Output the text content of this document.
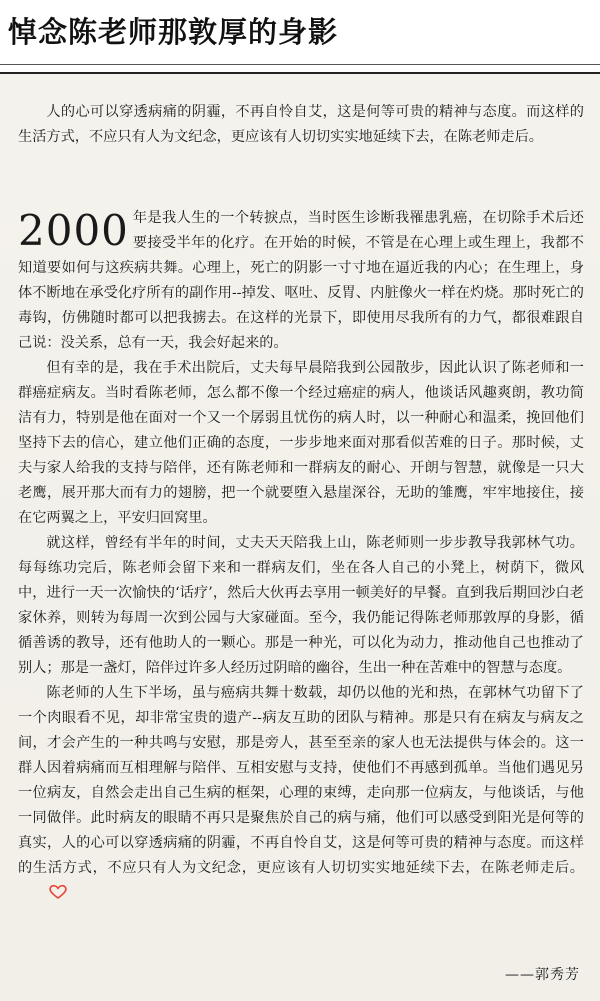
悼念陈老师那敦厚的身影

人的心可以穿透病痛的阴霾，不再自怜自艾，这是何等可贵的精神与态度。而这样的生活方式，不应只有人为文纪念，更应该有人切切实实地延续下去，在陈老师走后。

2000 年是我人生的一个转捩点，当时医生诊断我罹患乳癌，在切除手术后还要接受半年的化疗。在开始的时候，不管是在心理上或生理上，我都不知道要如何与这疾病共舞。心理上，死亡的阴影一寸寸地在逼近我的内心；在生理上，身体不断地在承受化疗所有的副作用--掉发、呕吐、反胃、内脏像火一样在灼烧。那时死亡的毒钩，仿佛随时都可以把我掳去。在这样的光景下，即使用尽我所有的力气，都很难跟自己说：没关系，总有一天，我会好起来的。

但有幸的是，我在手术出院后，丈夫每早晨陪我到公园散步，因此认识了陈老师和一群癌症病友。当时看陈老师，怎么都不像一个经过癌症的病人，他谈话风趣爽朗，教功简洁有力，特别是他在面对一个又一个孱弱且忧伤的病人时，以一种耐心和温柔，挽回他们坚持下去的信心，建立他们正确的态度，一步步地来面对那看似苦难的日子。那时候，丈夫与家人给我的支持与陪伴，还有陈老师和一群病友的耐心、开朗与智慧，就像是一只大老鹰，展开那大而有力的翅膀，把一个就要堕入悬崖深谷，无助的雏鹰，牢牢地接住，接在它两翼之上，平安归回窝里。

就这样，曾经有半年的时间，丈夫天天陪我上山，陈老师则一步步教导我郭林气功。每每练功完后，陈老师会留下来和一群病友们，坐在各人自己的小凳上，树荫下，微风中，进行一天一次愉快的‘话疗’，然后大伙再去享用一顿美好的早餐。直到我后期回沙白老家休养，则转为每周一次到公园与大家碰面。至今，我仍能记得陈老师那敦厚的身影，循循善诱的教导，还有他助人的一颗心。那是一种光，可以化为动力，推动他自己也推动了别人；那是一盏灯，陪伴过许多人经历过阴暗的幽谷，生出一种在苦难中的智慧与态度。

陈老师的人生下半场，虽与癌病共舞十数载，却仍以他的光和热，在郭林气功留下了一个肉眼看不见，却非常宝贵的遗产--病友互助的团队与精神。那是只有在病友与病友之间，才会产生的一种共鸣与安慰，那是旁人，甚至至亲的家人也无法提供与体会的。这一群人因着病痛而互相理解与陪伴、互相安慰与支持，使他们不再感到孤单。当他们遇见另一位病友，自然会走出自己生病的框架，心理的束缚，走向那一位病友，与他谈话，与他一同做伴。此时病友的眼睛不再只是聚焦於自己的病与痛，他们可以感受到阳光是何等的真实，人的心可以穿透病痛的阴霾，不再自怜自艾，这是何等可贵的精神与态度。而这样的生活方式，不应只有人为文纪念，更应该有人切切实实地延续下去，在陈老师走后。

——郭秀芳
